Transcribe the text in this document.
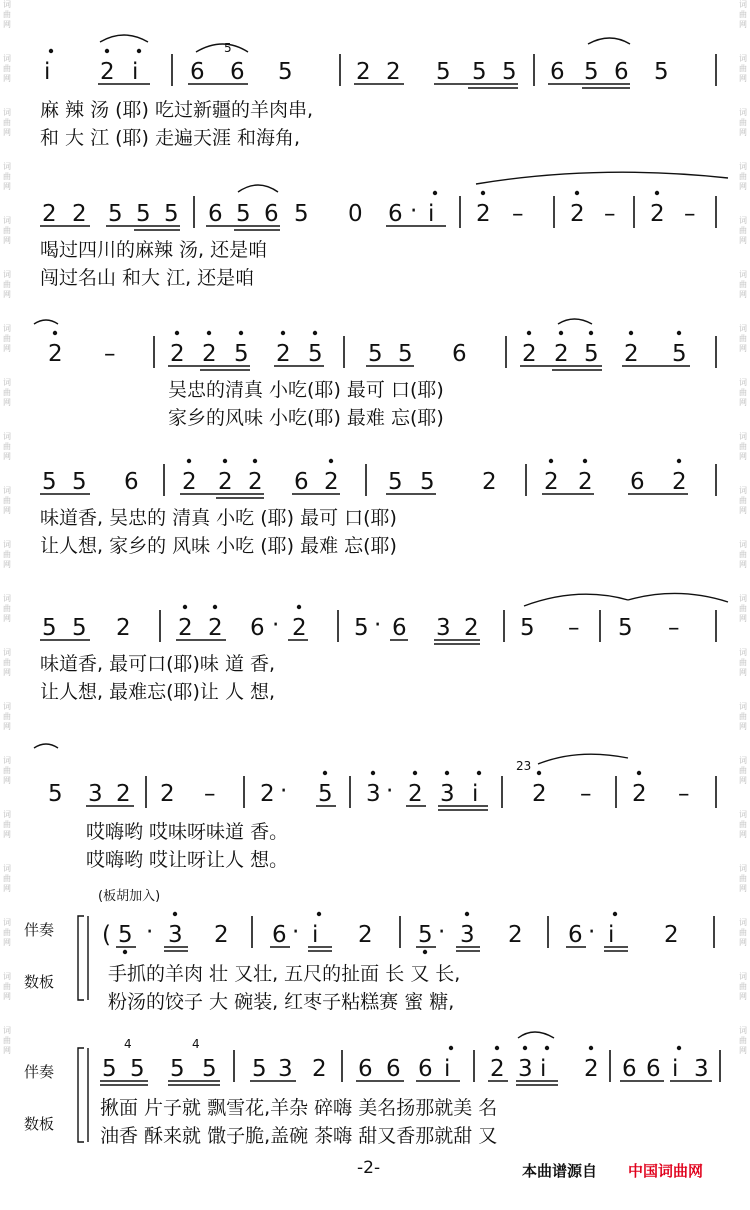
词
曲
网
词
曲
网
词
曲
网
词
曲
网
词
曲
网
词
曲
网
词
曲
网
词
曲
网
词
曲
网
词
曲
网
词
曲
网
词
曲
网
词
曲
网
词
曲
网
词
曲
网
词
曲
网
词
曲
网
词
曲
网
词
曲
网
词
曲
网
词
曲
网
词
曲
网
词
曲
网
词
曲
网
词
曲
网
词
曲
网
词
曲
网
词
曲
网
词
曲
网
词
曲
网
词
曲
网
词
曲
网
词
曲
网
词
曲
网
词
曲
网
词
曲
网
词
曲
网
词
曲
网
词
曲
网
词
曲
网
i 2 i 6
5
6 5	2 2 5 5 5 6 5 6 5
麻 辣 汤 (耶) 吃过新疆的羊肉串,
和 大 江 (耶) 走遍天涯 和海角,
2 2 5 5 5 6 5 6 5 0 6 · i 2 – 2 – 2 –
喝过四川的麻辣 汤, 还是咱
闯过名山 和大 江, 还是咱
2 – 2 2 5 2 5 5 5 6 2 2 5 2 5
吴忠的清真 小吃(耶) 最可 口(耶)
家乡的风味 小吃(耶) 最难 忘(耶)
5 5 6 2 2 2 6 2 5 5 2 2 2 6 2
味道香, 吴忠的 清真 小吃 (耶) 最可 口(耶)
让人想, 家乡的 风味 小吃 (耶) 最难 忘(耶)
5 5 2 2 2 6 · 2 5 · 6 3 2 5 – 5 –
味道香, 最可口(耶)味 道 香,
让人想, 最难忘(耶)让 人 想,
5 3 2 2 – 2 · 5 3 · 2 3 i
23
2 – 2 –
哎嗨哟 哎味呀味道 香。
哎嗨哟 哎让呀让人 想。
(板胡加入)
伴奏
数板
( 5 · 3 2 6 · i 2 5 · 3 2 6 · i 2
手抓的羊肉 壮 又壮, 五尺的扯面 长 又 长,
粉汤的饺子 大 碗装, 红枣子粘糕赛 蜜 糖,
伴奏
数板
4
5 5
4
5 5 5 3 2 6 6 6 i 2 3 i 2 6 6 i 3
揪面 片子就 飘雪花,羊杂 碎嗨 美名扬那就美 名
油香 酥来就 馓子脆,盖碗 茶嗨 甜又香那就甜 又
-2-	本曲谱源自 中国词曲网
